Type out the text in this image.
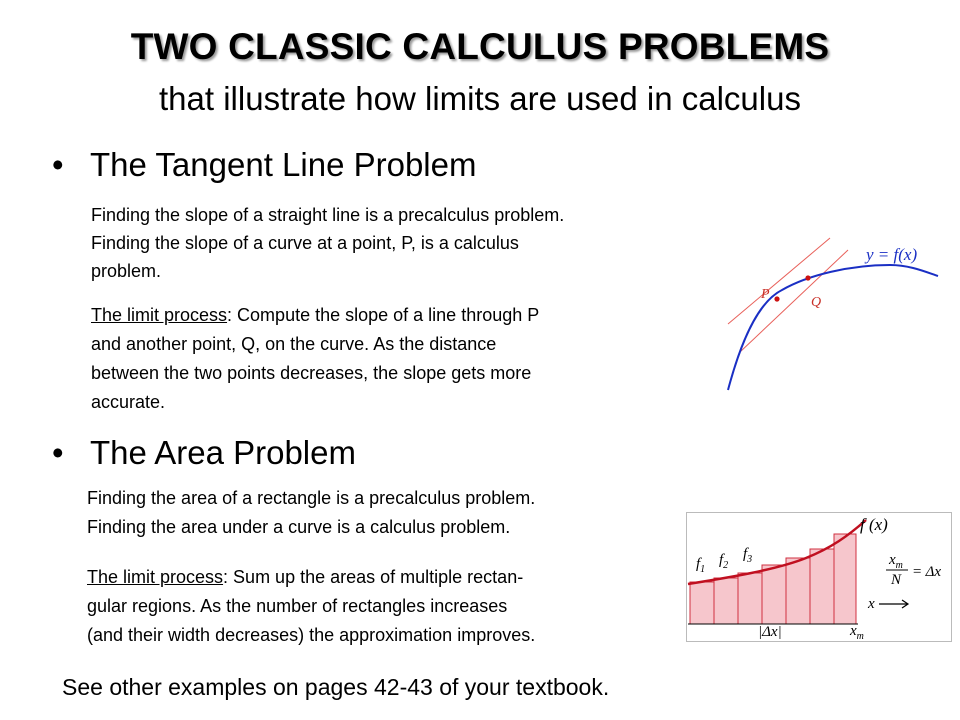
TWO CLASSIC CALCULUS PROBLEMS
that illustrate how limits are used in calculus
• The Tangent Line Problem
Finding the slope of a straight line is a precalculus problem.
Finding the slope of a curve at a point, P, is a calculus
problem.
The limit process: Compute the slope of a line through P
and another point, Q, on the curve. As the distance
between the two points decreases, the slope gets more
accurate.
P
Q
y = f(x)
• The Area Problem
Finding the area of a rectangle is a precalculus problem.
Finding the area under a curve is a calculus problem.
The limit process: Sum up the areas of multiple rectan-
gular regions. As the number of rectangles increases
(and their width decreases) the approximation improves.
f (x)
$f_1$
$f_2$
$f_3$	$x_m$
N = Δx
x
|Δx|	$x_m$
See other examples on pages 42-43 of your textbook.
